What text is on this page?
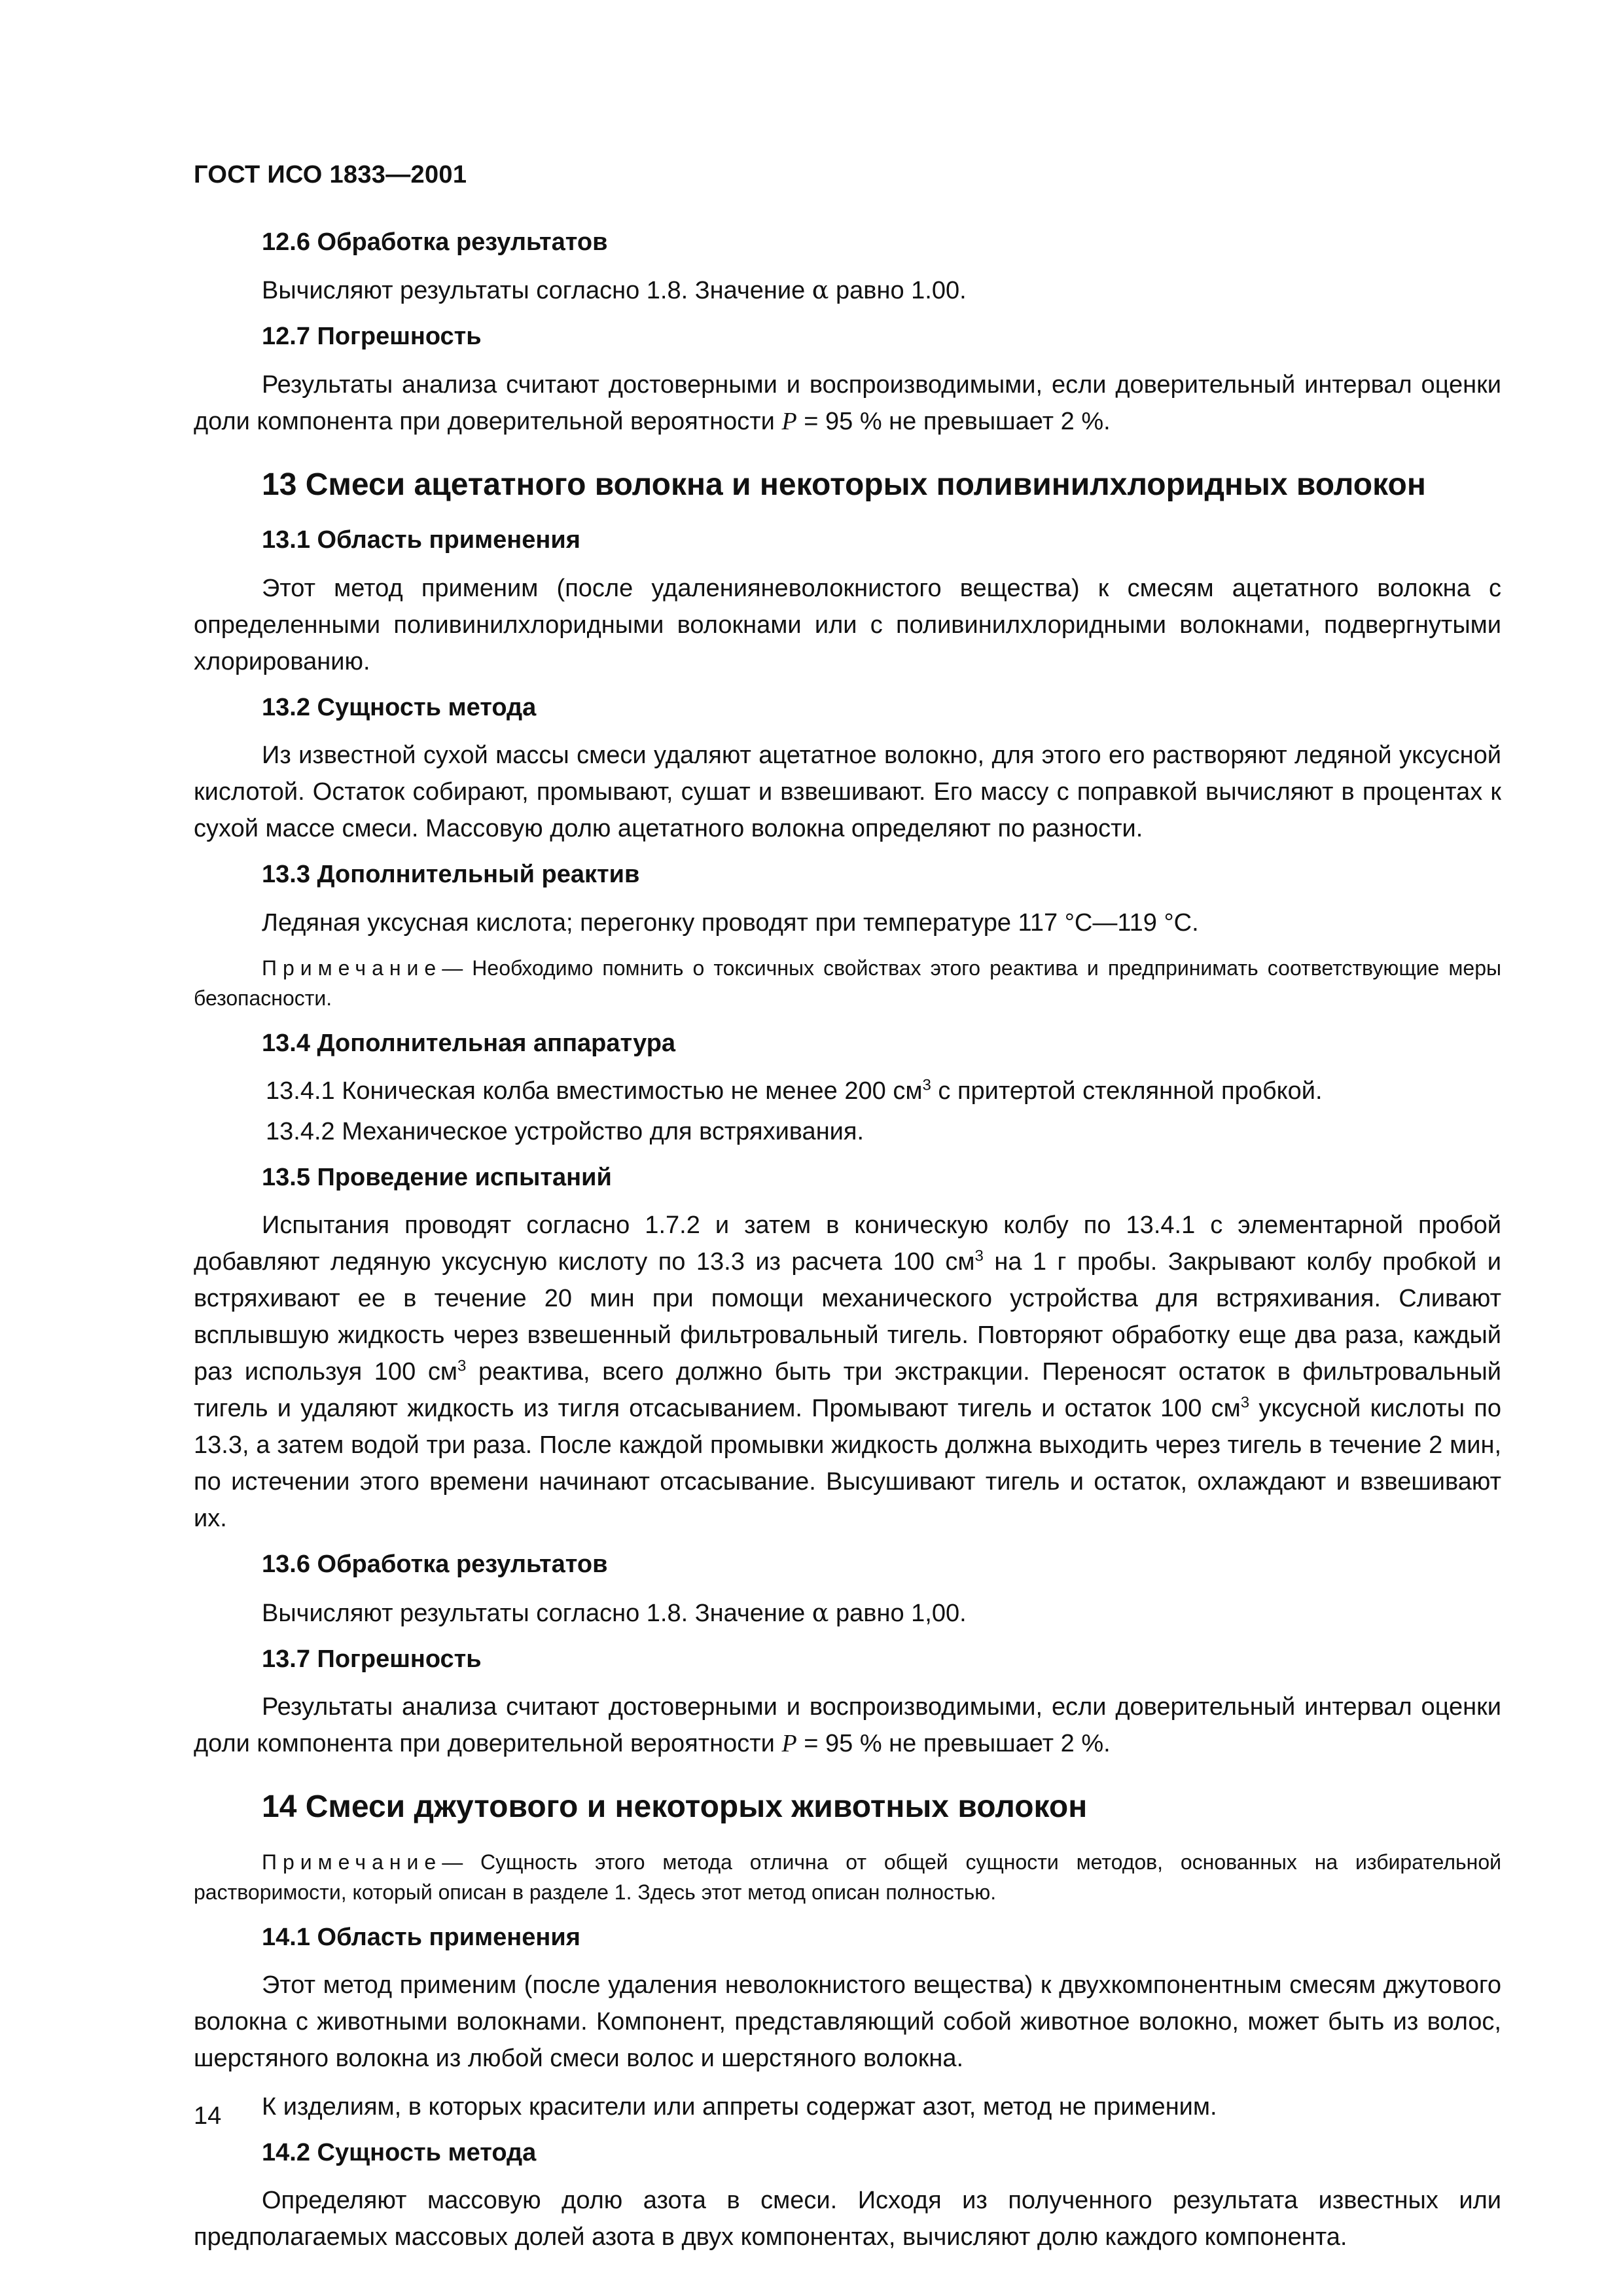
ГОСТ ИСО 1833—2001
12.6 Обработка результатов

Вычисляют результаты согласно 1.8. Значение α равно 1.00.

12.7 Погрешность

Результаты анализа считают достоверными и воспроизводимыми, если доверительный интервал оценки доли компонента при доверительной вероятности P = 95 % не превышает 2 %.

13 Смеси ацетатного волокна и некоторых поливинилхлоридных волокон
13.1 Область применения

Этот метод применим (после удаленияневолокнистого вещества) к смесям ацетатного волокна с определенными поливинилхлоридными волокнами или с поливинилхлоридными волокнами, подвергнутыми хлорированию.

13.2 Сущность метода

Из известной сухой массы смеси удаляют ацетатное волокно, для этого его растворяют ледяной уксусной кислотой. Остаток собирают, промывают, сушат и взвешивают. Его массу с поправкой вычисляют в процентах к сухой массе смеси. Массовую долю ацетатного волокна определяют по разности.

13.3 Дополнительный реактив

Ледяная уксусная кислота; перегонку проводят при температуре 117 °С—119 °С.

Примечание— Необходимо помнить о токсичных свойствах этого реактива и предпринимать соответствующие меры безопасности.

13.4 Дополнительная аппаратура

13.4.1 Коническая колба вместимостью не менее 200 $см^3$ с притертой стеклянной пробкой.

13.4.2 Механическое устройство для встряхивания.

13.5 Проведение испытаний

Испытания проводят согласно 1.7.2 и затем в коническую колбу по 13.4.1 с элементарной пробой добавляют ледяную уксусную кислоту по 13.3 из расчета 100 $см^3$ на 1 г пробы. Закрывают колбу пробкой и встряхивают ее в течение 20 мин при помощи механического устройства для встряхивания. Сливают всплывшую жидкость через взвешенный фильтровальный тигель. Повторяют обработку еще два раза, каждый раз используя 100 $см^3$ реактива, всего должно быть три экстракции. Переносят остаток в фильтровальный тигель и удаляют жидкость из тигля отсасыванием. Промывают тигель и остаток 100 $см^3$ уксусной кислоты по 13.3, а затем водой три раза. После каждой промывки жидкость должна выходить через тигель в течение 2 мин, по истечении этого времени начинают отсасывание. Высушивают тигель и остаток, охлаждают и взвешивают их.

13.6 Обработка результатов

Вычисляют результаты согласно 1.8. Значение α равно 1,00.

13.7 Погрешность

Результаты анализа считают достоверными и воспроизводимыми, если доверительный интервал оценки доли компонента при доверительной вероятности P = 95 % не превышает 2 %.

14 Смеси джутового и некоторых животных волокон

Примечание— Сущность этого метода отлична от общей сущности методов, основанных на избирательной растворимости, который описан в разделе 1. Здесь этот метод описан полностью.

14.1 Область применения

Этот метод применим (после удаления неволокнистого вещества) к двухкомпонентным смесям джутового волокна с животными волокнами. Компонент, представляющий собой животное волокно, может быть из волос, шерстяного волокна из любой смеси волос и шерстяного волокна.

К изделиям, в которых красители или аппреты содержат азот, метод не применим.

14.2 Сущность метода

Определяют массовую долю азота в смеси. Исходя из полученного результата известных или предполагаемых массовых долей азота в двух компонентах, вычисляют долю каждого компонента.

14
